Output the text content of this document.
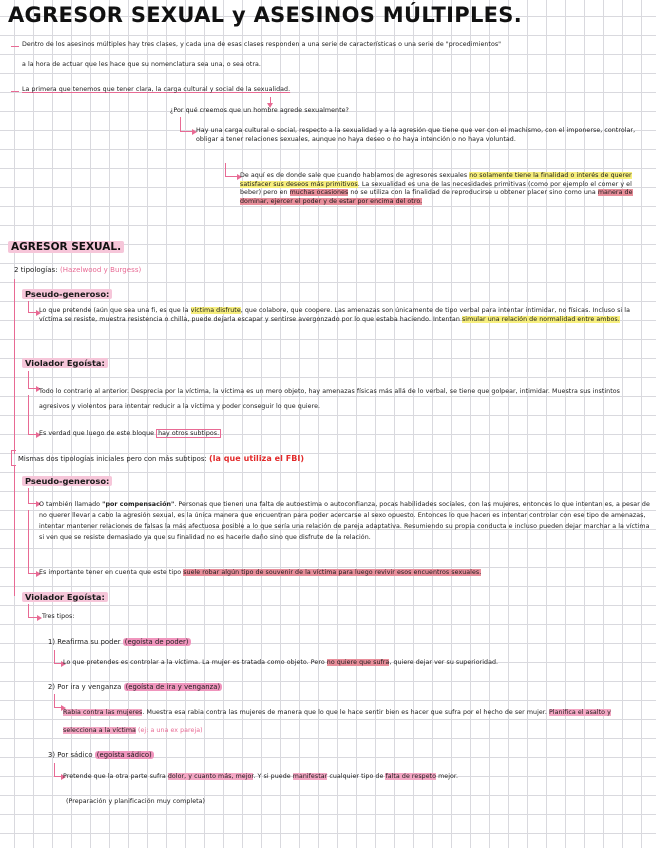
AGRESOR SEXUAL y ASESINOS MÚLTIPLES.
Dentro de los asesinos múltiples hay tres clases, y cada una de esas clases responden a una serie de características o una serie de "procedimientos"
a la hora de actuar que les hace que su nomenclatura sea una, o sea otra.
La primera que tenemos que tener clara, la carga cultural y social de la sexualidad.
¿Por qué creemos que un hombre agrede sexualmente?
Hay una carga cultural o social, respecto a la sexualidad y a la agresión que tiene que ver con el machismo, con el imponerse, controlar, obligar a tener relaciones sexuales, aunque no haya deseo o no haya intención o no haya voluntad.
De aquí es de donde sale que cuando hablamos de agresores sexuales no solamente tiene la finalidad o interés de querer satisfacer sus deseos más primitivos. La sexualidad es una de las necesidades primitivas (como por ejemplo el comer y el beber) pero en muchas ocasiones no se utiliza con la finalidad de reproducirse u obtener placer sino como una manera de dominar, ejercer el poder y de estar por encima del otro.
AGRESOR SEXUAL.
2 tipologías: (Hazelwood y Burgess)
Pseudo-generoso:
Lo que pretende (aún que sea una fi, es que la víctima disfrute, que colabore, que coopere. Las amenazas son únicamente de tipo verbal para intentar intimidar, no físicas. Incluso si la víctima se resiste, muestra resistencia o chilla, puede dejarla escapar y sentirse avergonzado por lo que estaba haciendo. Intentan simular una relación de normalidad entre ambos.
Violador Egoísta:
Todo lo contrario al anterior. Desprecia por la víctima, la víctima es un mero objeto, hay amenazas físicas más allá de lo verbal, se tiene que golpear, intimidar. Muestra sus instintos agresivos y violentos para intentar reducir a la víctima y poder conseguir lo que quiere.
Es verdad que luego de este bloque hay otros subtipos.
Mismas dos tipologías iniciales pero con más subtipos: (la que utiliza el FBI)
Pseudo-generoso:
O también llamado "por compensación". Personas que tienen una falta de autoestima o autoconfianza, pocas habilidades sociales, con las mujeres, entonces lo que intentan es, a pesar de no querer llevar a cabo la agresión sexual, es la única manera que encuentran para poder acercarse al sexo opuesto. Entonces lo que hacen es intentar controlar con ese tipo de amenazas, intentar mantener relaciones de falsas la más afectuosa posible a lo que sería una relación de pareja adaptativa. Resumiendo su propia conducta e incluso pueden dejar marchar a la víctima si ven que se resiste demasiado ya que su finalidad no es hacerle daño sino que disfrute de la relación.
Es importante tener en cuenta que este tipo suele robar algún tipo de souvenir de la víctima para luego revivir esos encuentros sexuales.
Violador Egoísta:
Tres tipos:
1) Reafirma su poder (egoísta de poder)
Lo que pretendes es controlar a la víctima. La mujer es tratada como objeto. Pero no quiere que sufra, quiere dejar ver su superioridad.
2) Por ira y venganza (egoísta de ira y venganza)
Rabia contra las mujeres. Muestra esa rabia contra las mujeres de manera que lo que le hace sentir bien es hacer que sufra por el hecho de ser mujer. Planifica el asalto y selecciona a la víctima (ej: a una ex pareja)
3) Por sádico (egoísta sádico)
Pretende que la otra parte sufra dolor, y cuanto más, mejor. Y si puede manifestar cualquier tipo de falta de respeto mejor.
(Preparación y planificación muy completa)
